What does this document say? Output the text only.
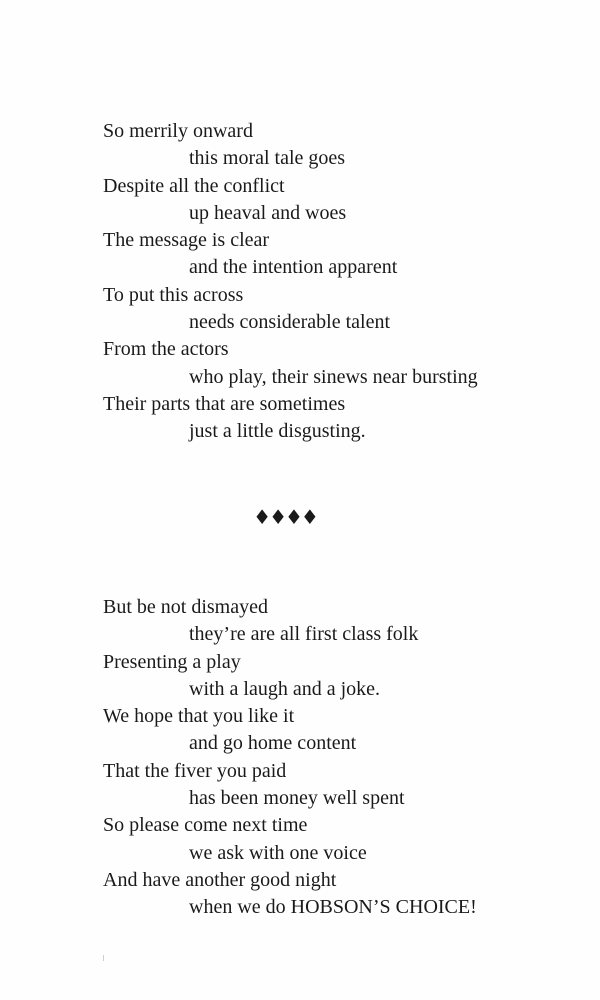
So merrily onward
this moral tale goes
Despite all the conflict
up heaval and woes
The message is clear
and the intention apparent
To put this across
needs considerable talent
From the actors
who play, their sinews near bursting
Their parts that are sometimes
just a little disgusting.
♦♦♦♦
But be not dismayed
they’re are all first class folk
Presenting a play
with a laugh and a joke.
We hope that you like it
and go home content
That the fiver you paid
has been money well spent
So please come next time
we ask with one voice
And have another good night
when we do HOBSON’S CHOICE!
